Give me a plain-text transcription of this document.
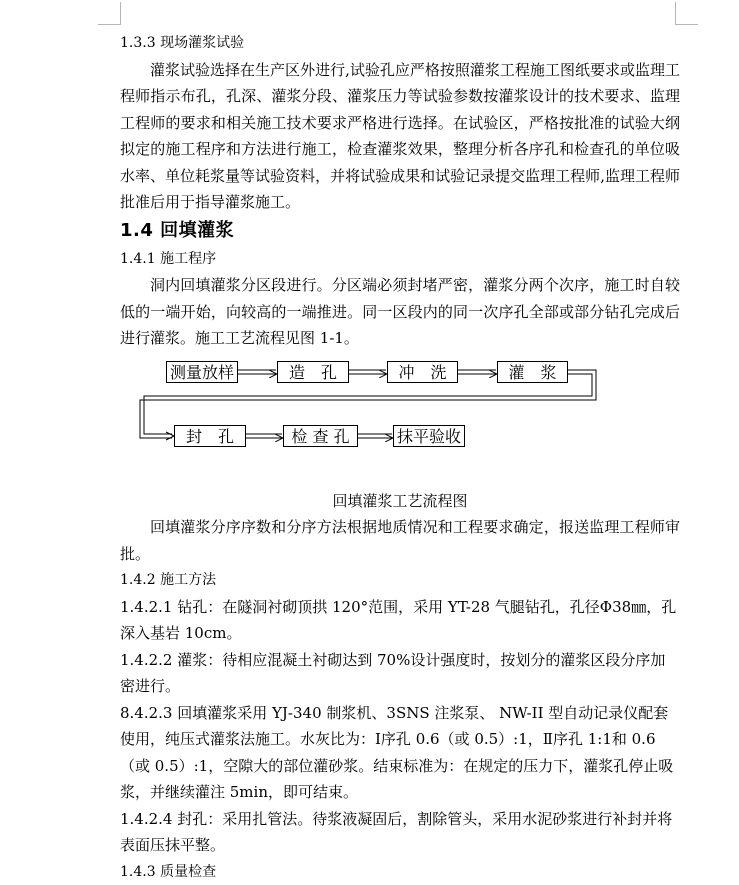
1.3.3 现场灌浆试验

灌浆试验选择在生产区外进行,试验孔应严格按照灌浆工程施工图纸要求或监理工程师指示布孔，孔深、灌浆分段、灌浆压力等试验参数按灌浆设计的技术要求、监理工程师的要求和相关施工技术要求严格进行选择。在试验区，严格按批准的试验大纲拟定的施工程序和方法进行施工，检查灌浆效果，整理分析各序孔和检查孔的单位吸水率、单位耗浆量等试验资料，并将试验成果和试验记录提交监理工程师,监理工程师批准后用于指导灌浆施工。

1.4 回填灌浆

1.4.1 施工程序

洞内回填灌浆分区段进行。分区端必须封堵严密，灌浆分两个次序，施工时自较低的一端开始，向较高的一端推进。同一区段内的同一次序孔全部或部分钻孔完成后进行灌浆。施工工艺流程见图 1-1。

测量放样	造　孔	冲　洗	灌　浆
封　孔	检 查 孔	抹平验收

回填灌浆工艺流程图

回填灌浆分序序数和分序方法根据地质情况和工程要求确定，报送监理工程师审批。

1.4.2 施工方法

1.4.2.1 钻孔：在隧洞衬砌顶拱 120°范围，采用 YT-28 气腿钻孔，孔径Φ38㎜，孔深入基岩 10cm。

1.4.2.2 灌浆：待相应混凝土衬砌达到 70%设计强度时，按划分的灌浆区段分序加密进行。

8.4.2.3 回填灌浆采用 YJ-340 制浆机、3SNS 注浆泵、 NW-II 型自动记录仪配套使用，纯压式灌浆法施工。水灰比为：Ⅰ序孔 0.6（或 0.5）:1，Ⅱ序孔 1:1和 0.6（或 0.5）:1，空隙大的部位灌砂浆。结束标准为：在规定的压力下，灌浆孔停止吸浆，并继续灌注 5min，即可结束。

1.4.2.4 封孔：采用扎管法。待浆液凝固后，割除管头，采用水泥砂浆进行补封并将表面压抹平整。

1.4.3 质量检查
